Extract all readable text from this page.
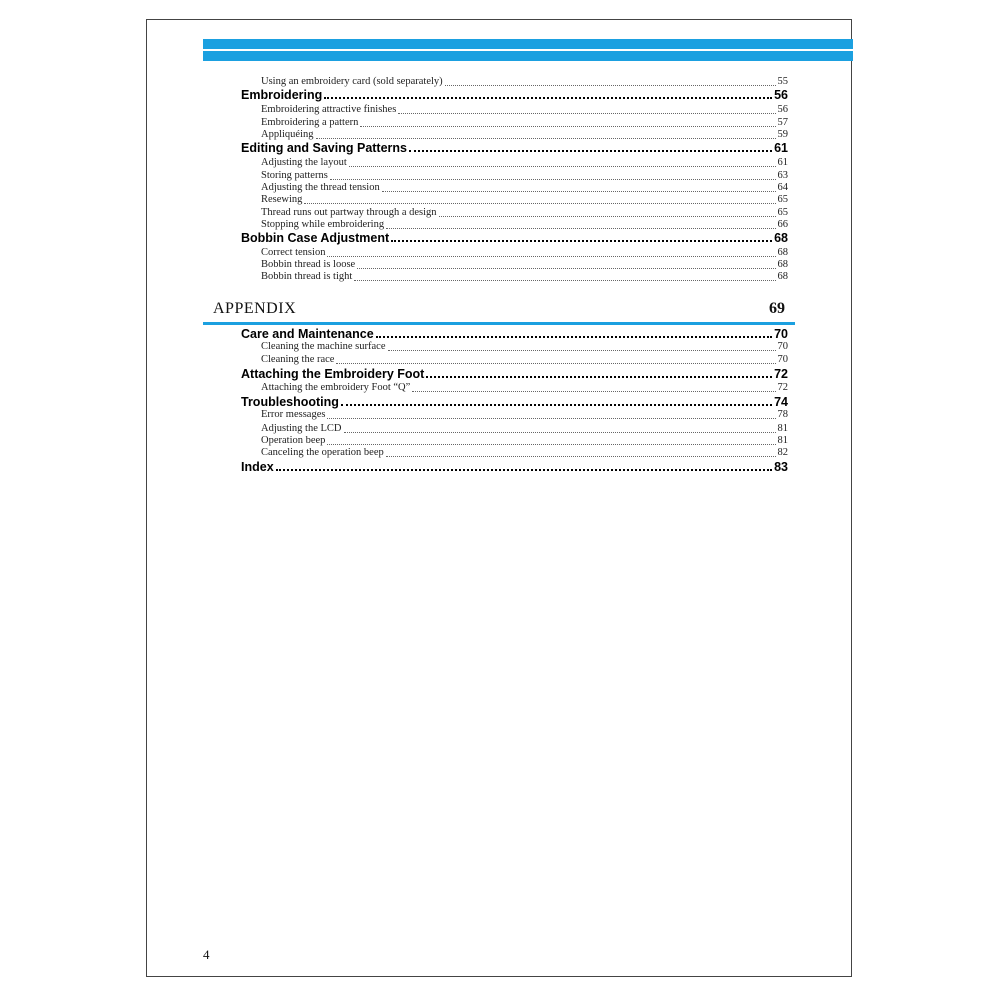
Using an embroidery card (sold separately)	55
Embroidering	56
Embroidering attractive finishes	56
Embroidering a pattern	57
Appliquéing	59
Editing and Saving Patterns	61
Adjusting the layout	61
Storing patterns	63
Adjusting the thread tension	64
Resewing	65
Thread runs out partway through a design	65
Stopping while embroidering	66
Bobbin Case Adjustment	68
Correct tension	68
Bobbin thread is loose	68
Bobbin thread is tight	68
APPENDIX	69
Care and Maintenance	70
Cleaning the machine surface	70
Cleaning the race	70
Attaching the Embroidery Foot	72
Attaching the embroidery Foot “Q”	72
Troubleshooting	74
Error messages	78
Adjusting the LCD	81
Operation beep	81
Canceling the operation beep	82
Index	83
4
